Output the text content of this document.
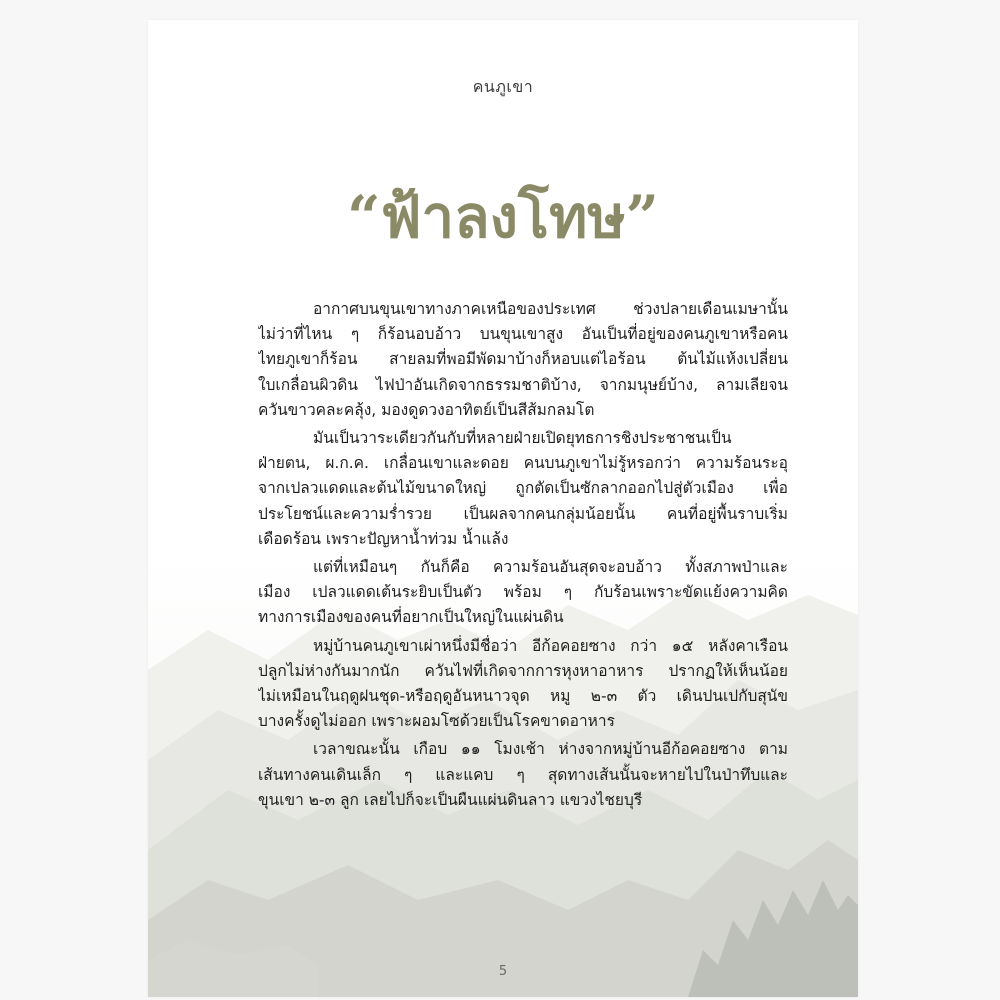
คนภูเขา
“ฟ้าลงโทษ”
อากาศบนขุนเขาทางภาคเหนือของประเทศ ช่วงปลายเดือนเมษานั้น
ไม่ว่าที่ไหน ๆ ก็ร้อนอบอ้าว บนขุนเขาสูง อันเป็นที่อยู่ของคนภูเขาหรือคน
ไทยภูเขาก็ร้อน สายลมที่พอมีพัดมาบ้างก็หอบแต่ไอร้อน ต้นไม้แห้งเปลี่ยน
ใบเกลื่อนผิวดิน ไฟป่าอันเกิดจากธรรมชาติบ้าง, จากมนุษย์บ้าง, ลามเลียจน
ควันขาวคละคลุ้ง, มองดูดวงอาทิตย์เป็นสีส้มกลมโต
มันเป็นวาระเดียวกันกับที่หลายฝ่ายเปิดยุทธการชิงประชาชนเป็น
ฝ่ายตน, ผ.ก.ค. เกลื่อนเขาและดอย คนบนภูเขาไม่รู้หรอกว่า ความร้อนระอุ
จากเปลวแดดและต้นไม้ขนาดใหญ่ ถูกตัดเป็นซักลากออกไปสู่ตัวเมือง เพื่อ
ประโยชน์และความร่ำรวย เป็นผลจากคนกลุ่มน้อยนั้น คนที่อยู่พื้นราบเริ่ม
เดือดร้อน เพราะปัญหาน้ำท่วม น้ำแล้ง
แต่ที่เหมือนๆ กันก็คือ ความร้อนอันสุดจะอบอ้าว ทั้งสภาพป่าและ
เมือง เปลวแดดเต้นระยิบเป็นตัว พร้อม ๆ กับร้อนเพราะขัดแย้งความคิด
ทางการเมืองของคนที่อยากเป็นใหญ่ในแผ่นดิน
หมู่บ้านคนภูเขาเผ่าหนึ่งมีชื่อว่า อีก้อคอยซาง กว่า ๑๕ หลังคาเรือน
ปลูกไม่ห่างกันมากนัก ควันไฟที่เกิดจากการหุงหาอาหาร ปรากฏให้เห็นน้อย
ไม่เหมือนในฤดูฝนชุด-หรือฤดูอันหนาวจุด หมู ๒-๓ ตัว เดินปนเปกับสุนัข
บางครั้งดูไม่ออก เพราะผอมโซด้วยเป็นโรคขาดอาหาร
เวลาขณะนั้น เกือบ ๑๑ โมงเช้า ห่างจากหมู่บ้านอีก้อคอยซาง ตาม
เส้นทางคนเดินเล็ก ๆ และแคบ ๆ สุดทางเส้นนั้นจะหายไปในป่าทึบและ
ขุนเขา ๒-๓ ลูก เลยไปก็จะเป็นผืนแผ่นดินลาว แขวงไชยบุรี
5
